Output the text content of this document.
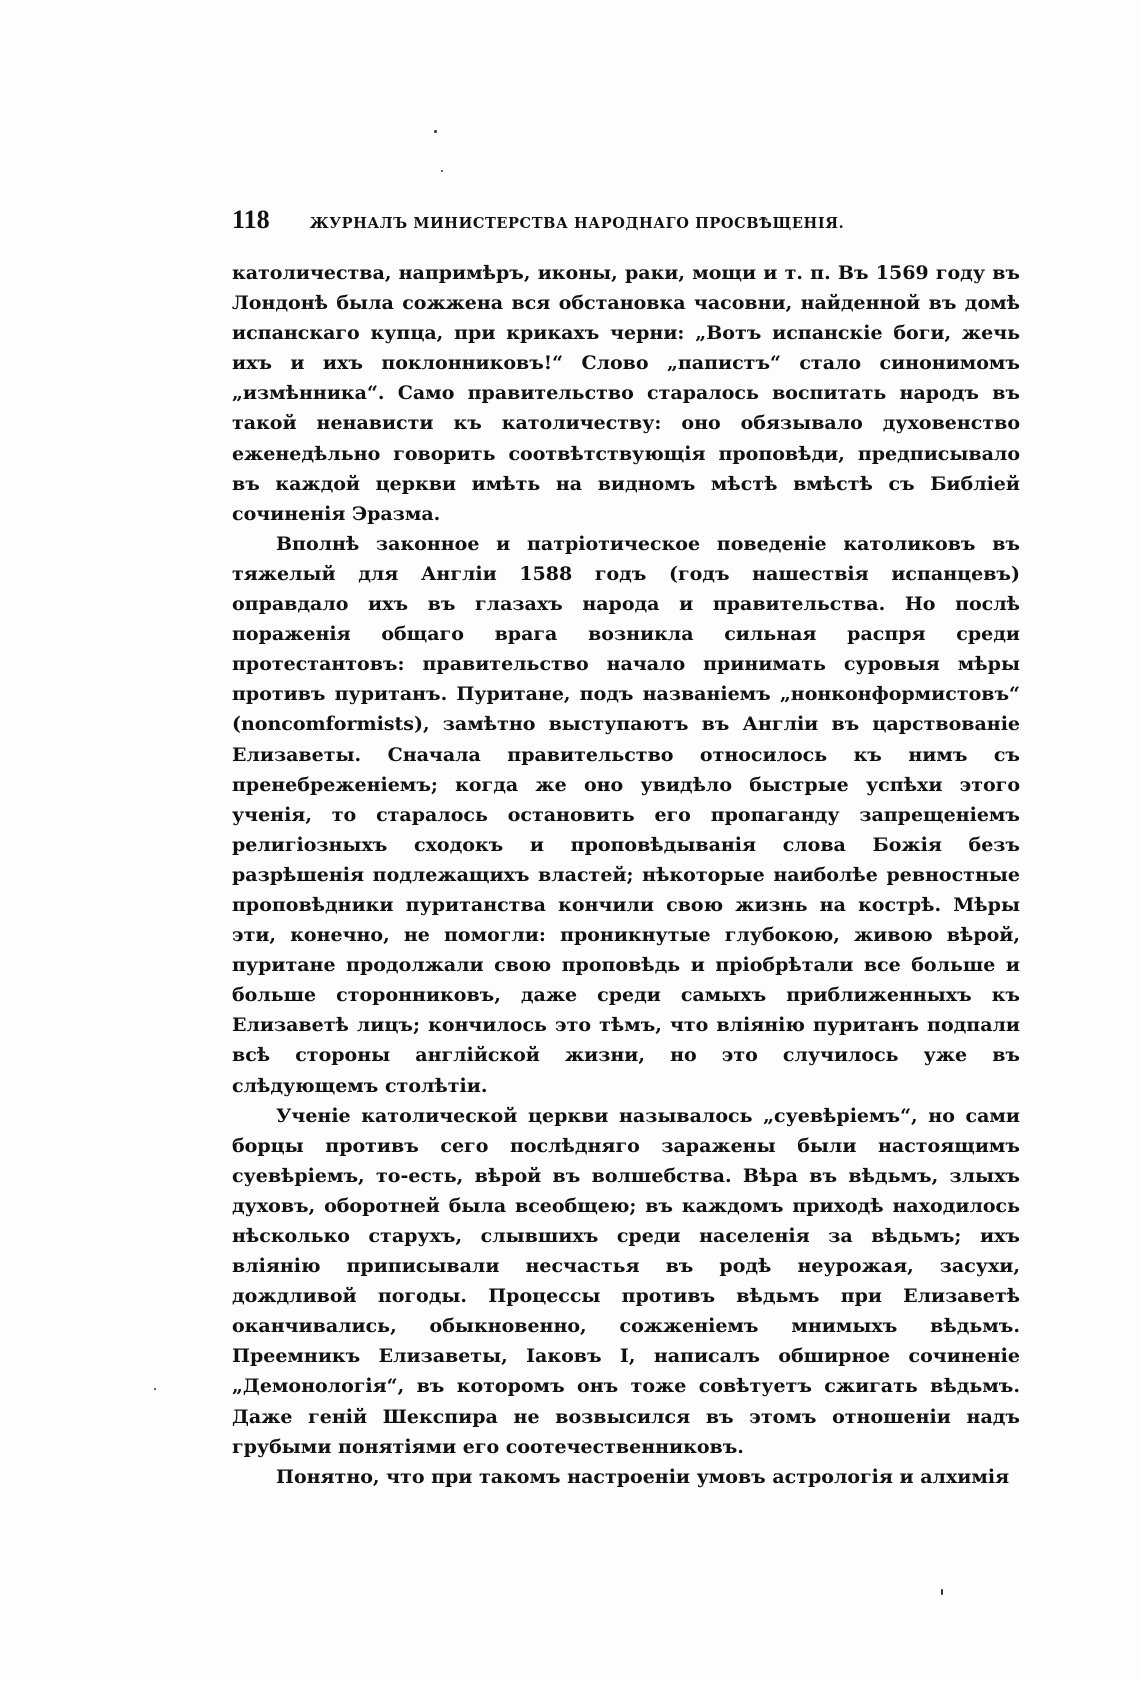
118	ЖУРНАЛЪ МИНИСТЕРСТВА НАРОДНАГО ПРОСВѢЩЕНІЯ.

католичества, напримѣръ, иконы, раки, мощи и т. п. Въ 1569 году въ Лондонѣ была сожжена вся обстановка часовни, найденной въ домѣ испанскаго купца, при крикахъ черни: „Вотъ испанскіе боги, жечь ихъ и ихъ поклонниковъ!“ Слово „папистъ“ стало синонимомъ „измѣнника“. Само правительство старалось воспитать народъ въ такой ненависти къ католичеству: оно обязывало духовенство еженедѣльно говорить соотвѣтствующія проповѣди, предписывало въ каждой церкви имѣть на видномъ мѣстѣ вмѣстѣ съ Библіей сочиненія Эразма.

Вполнѣ законное и патріотическое поведеніе католиковъ въ тяжелый для Англіи 1588 годъ (годъ нашествія испанцевъ) оправдало ихъ въ глазахъ народа и правительства. Но послѣ пораженія общаго врага возникла сильная распря среди протестантовъ: правительство начало принимать суровыя мѣры противъ пуританъ. Пуритане, подъ названіемъ „нонконформистовъ“ (noncomformists), замѣтно выступаютъ въ Англіи въ царствованіе Елизаветы. Сначала правительство относилось къ нимъ съ пренебреженіемъ; когда же оно увидѣло быстрые успѣхи этого ученія, то старалось остановить его пропаганду запрещеніемъ религіозныхъ сходокъ и проповѣдыванія слова Божія безъ разрѣшенія подлежащихъ властей; нѣкоторые наиболѣе ревностные проповѣдники пуританства кончили свою жизнь на кострѣ. Мѣры эти, конечно, не помогли: проникнутые глубокою, живою вѣрой, пуритане продолжали свою проповѣдь и пріобрѣтали все больше и больше сторонниковъ, даже среди самыхъ приближенныхъ къ Елизаветѣ лицъ; кончилось это тѣмъ, что вліянію пуританъ подпали всѣ стороны англійской жизни, но это случилось уже въ слѣдующемъ столѣтіи.

Ученіе католической церкви называлось „суевѣріемъ“, но сами борцы противъ сего послѣдняго заражены были настоящимъ суевѣріемъ, то-есть, вѣрой въ волшебства. Вѣра въ вѣдьмъ, злыхъ духовъ, оборотней была всеобщею; въ каждомъ приходѣ находилось нѣсколько старухъ, слывшихъ среди населенія за вѣдьмъ; ихъ вліянію приписывали несчастья въ родѣ неурожая, засухи, дождливой погоды. Процессы противъ вѣдьмъ при Елизаветѣ оканчивались, обыкновенно, сожженіемъ мнимыхъ вѣдьмъ. Преемникъ Елизаветы, Іаковъ I, написалъ обширное сочиненіе „Демонологія“, въ которомъ онъ тоже совѣтуетъ сжигать вѣдьмъ. Даже геній Шекспира не возвысился въ этомъ отношеніи надъ грубыми понятіями его соотечественниковъ.

Понятно, что при такомъ настроеніи умовъ астрологія и алхимія
